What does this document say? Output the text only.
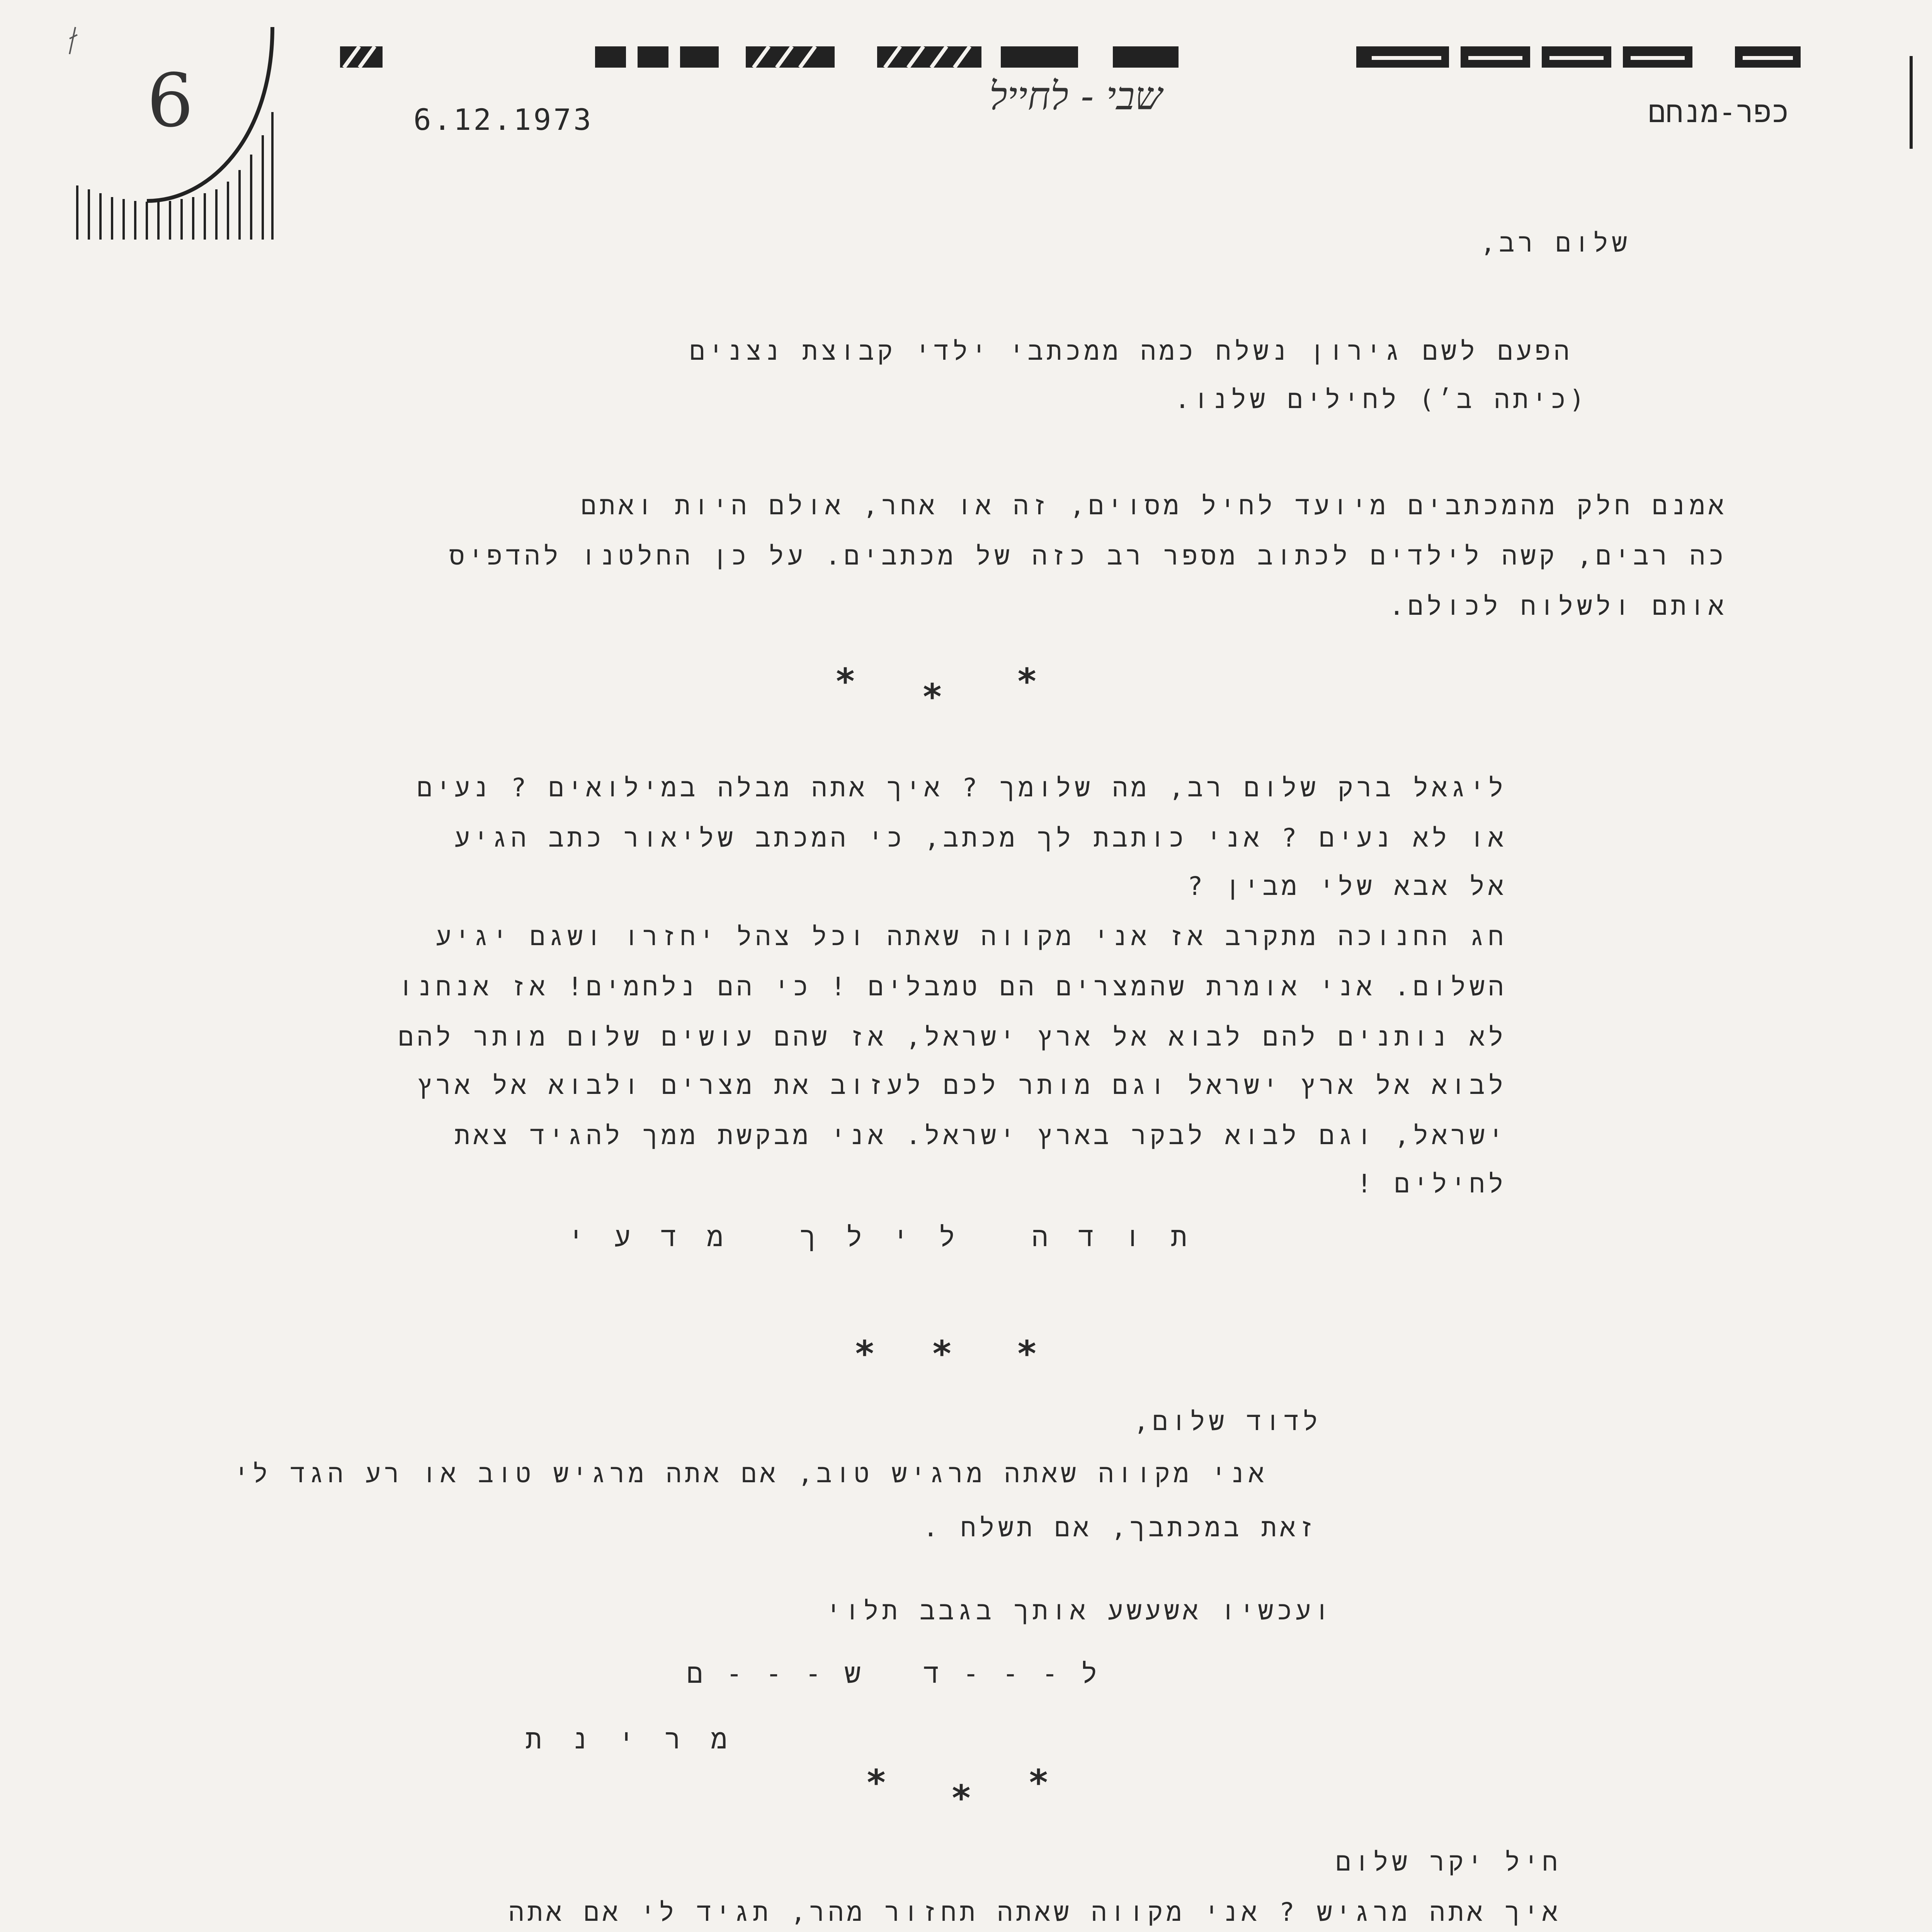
6	6.12.1973
שבי - לחייל	כפר-מנחם
שלום רב,
הפעם לשם גירון נשלח כמה ממכתבי ילדי קבוצת נצנים
(כיתה ב׳) לחילים שלנו.
אמנם חלק מהמכתבים מיועד לחיל מסוים, זה או אחר, אולם היות ואתם
כה רבים, קשה לילדים לכתוב מספר רב כזה של מכתבים. על כן החלטנו להדפיס
אותם ולשלוח לכולם.
* * *
ליגאל ברק שלום רב, מה שלומך ? איך אתה מבלה במילואים ? נעים
או לא נעים ? אני כותבת לך מכתב, כי המכתב שליאור כתב הגיע
אל אבא שלי מבין ?
חג החנוכה מתקרב אז אני מקווה שאתה וכל צהל יחזרו ושגם יגיע
השלום. אני אומרת שהמצרים הם טמבלים ! כי הם נלחמים! אז אנחנו
לא נותנים להם לבוא אל ארץ ישראל, אז שהם עושים שלום מותר להם
לבוא אל ארץ ישראל וגם מותר לכם לעזוב את מצרים ולבוא אל ארץ
ישראל, וגם לבוא לבקר בארץ ישראל. אני מבקשת ממך להגיד צאת
לחילים !
תודה לילך מדעי
* * *
לדוד שלום,
אני מקווה שאתה מרגיש טוב, אם אתה מרגיש טוב או רע הגד לי
זאת במכתבך, אם תשלח .
ועכשיו אשעשע אותך בגבב תלוי
ל---ד ש---ם
מרינת
* * *
חיל יקר שלום
איך אתה מרגיש ? אני מקווה שאתה תחזור מהר, תגיד לי אם אתה
